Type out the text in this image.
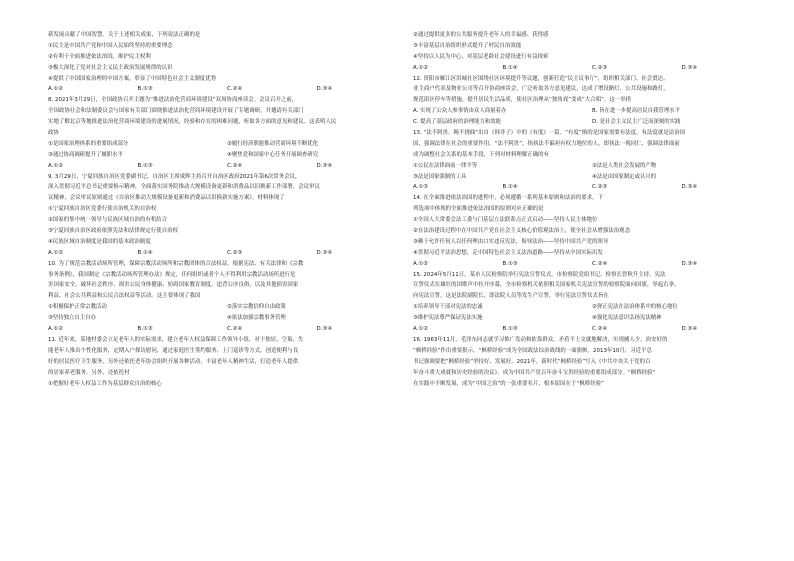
新发展贡献了中国智慧。关于上述相关成果，下列说法正确的是
①民主是中国共产党和中国人民始终坚持的重要理念
②有利于全面推进依法治国，维护民主权利
③极大深化了党对社会主义民主政治发展规律的认识
④提供了中国国家治理的中国方案，彰显了中国特色社会主义制度优势
A.①②	B.①③	C.②④	D.③④
8. 2021年3月29日，全国政协召开主题为“推进法治化营商环境建设”双周协商座谈会。会议召开之前，
全国政协社会和法制委员会与国家有关部门围绕推进法治化营商环境建设开展了专题调研，并邀请有关部门
实地了解北京等地推进法治化营商环境建设的进展情况，经验和存在的困难问题，听取各方面的意见和建议。这表明人民
政协
①是国家治理体系的重要组成部分	②履行经济职能推动营商环境不断优化
③通过协商调研提升了履职水平	④聚焦党和国家中心任务开展调查研究
A.①②	B.①③	C.②④	D.③④
9. 3月29日，宁夏回族自治区党委副书记、自治区主席咸辉主持召开自治区政府2021年第6次常务会议，
深入贯彻习近平总书记重要指示精神，全面落实国务院推动大规模设备更新和消费品以旧换新工作部署，会议审议
议精神，会议审议原则通过《自治区推动大规模设备更新和消费品以旧换新实施方案》。材料体现了
①宁夏回族自治区党委行使自治机关的自治权
②国家的集中统一领导与民族区域自治的有机结合
③宁夏回族自治区政府依照宪法和法律规定行使自治权
④民族区域自治制度是我国的基本政治制度
A.①②	B.①④	C.②③	D.③④
10. 为了规范宗教活动场所管理，保障宗教活动场所和宗教团体的合法权益，根据宪法、有关法律和《宗教
事务条例》，我国制定《宗教活动场所管理办法》规定，任何组织或者个人不得利用宗教活动场所进行危
害国家安全、破坏社会秩序、损害公民身体健康、妨碍国家教育制度、违背公序良俗，以及其他损害国家
利益、社会公共利益和公民合法权益等活动。这主要体现了我国
①积极保护正常宗教活动	②落实宗教信仰自由政策
③坚持独立自主自办	④依法加强宗教事务管理
A.①②	B.①③	C.②④	D.③④
11. 近年来，某地村委会立足老年人的实际需求，建立老年人权益保障工作领导小组，对于独居、空巢、失
能老年人推出个性化服务，定期入户探访慰问，通过家庭医生签约服务、上门巡诊等方式，创造便利与良
好的居民医疗卫生服务，另外还依托老年协会组织开展各种活动，丰富老年人精神生活，打造老年人提供
的居家养老服务，另外，还依托村
①把握好老年人权益工作为基层群众自治的核心
②通过提供更多的公共服务提升老年人的幸福感、获得感
③丰富基层自治组织形式提升了村民自治效能
④坚持以人民为中心，对基层老龄社会建设进行有益探索
A.①②	B.①④	C.②③	D.③④
12. 资阳市雁江区洪城社区围绕社区环境提升等议题，创新打造“民主议事厅”，组织相关部门、社会贤达、
业主商户代表及物业公司等召开协商座谈会，广泛听取各方意见建议，达成了增设路灯、公共设施和路灯、
规范街区停车等措施，提升居民生活品质，使社区治理从“独角戏”变成“大合唱”。这一举措
A. 实现了公众人参事情由众人商量着办	B. 旨在进一步提高居民自我管理水平
C. 提高了基层政府的治理能力和效能	D. 是社会主义民主广泛而深刻的实践
13. “法不阿贵，绳不挠曲”出自《韩非子》中的《有度》一篇。“有度”指的是国家需要有法度，有法度就是法治国
国，强调法律在社会的重要作用。“法不阿贵”，指执法不偏袒有权力地位的人，即执法一视同仁，强调法律面前
成为调整社会关系的基本手段，下列对材料理解正确的有
①公民在法律面前一律平等	②法是人类社会发展的产物
③法是国家强制的工具	④法是由国家制定或认可的
A.①③	B.①④	C.②③	D.③④
14. 在全面推进依法治国的进程中，必须遵循一系列基本原则和法治的要求。下
列选项中体现的全面推进依法治国的原则对应正确的是
①全国人大常委会法工委与门基层立法联系点正式启动——坚持人民主体地位
②在法治建设过程中在中国共产党在社会主义核心价值观法治上，使全社会从增强法治观念
③赖于允许任何人以任何理由口实违反宪法，侮辱法治——坚持中国共产党的领导
④贯彻习近平法治思想，走中国特色社会主义法治道路——坚持从中国实际出发
A.①②	B.①③	C.②④	D.③④
15. 2024年5月11日，某市人民检察院举行宪法宣誓仪式。市检察院党组书记、检察长曾秋升主持，宪法
宣誓仪式在雄壮的国歌声中拉开序幕，全市检察机关依照相关国家机关宪法宣誓的检察院面向国旗，举起右拳，
向宪法宣誓。这是法院副院长，即法院人员等发生产宣誓，举行宪法宣誓仪式旨在
①培养领导干部对宪法的忠诚	②弹正宪法在法治体系中的核心地位
③维护宪法尊严保证宪法实施	④强化宪法意识弘扬宪法精神
A.①②	B.①③	C.②④	D.③④
16. 1963年11月，毛泽东同志就学习推广发动和依靠群众，矛盾不上交就地解决，实现捕人少，治安好的
“枫桥经验”作出重要批示。“枫桥经验”成为全国政法综治战线的一面旗帜。2013年10月，习近平总
书记强调要把“枫桥经验”坚持好、发展好。2021年，新时代“枫桥经验”写入《中共中央关于党的百
年奋斗重大成就和历史经验的决议》。成为中国共产党百年奋斗宝贵经验的重要组成部分。“枫桥经验”
在实践中不断发展，成为“中国之治”的一张重要名片，根本原因在于“枫桥经验”
